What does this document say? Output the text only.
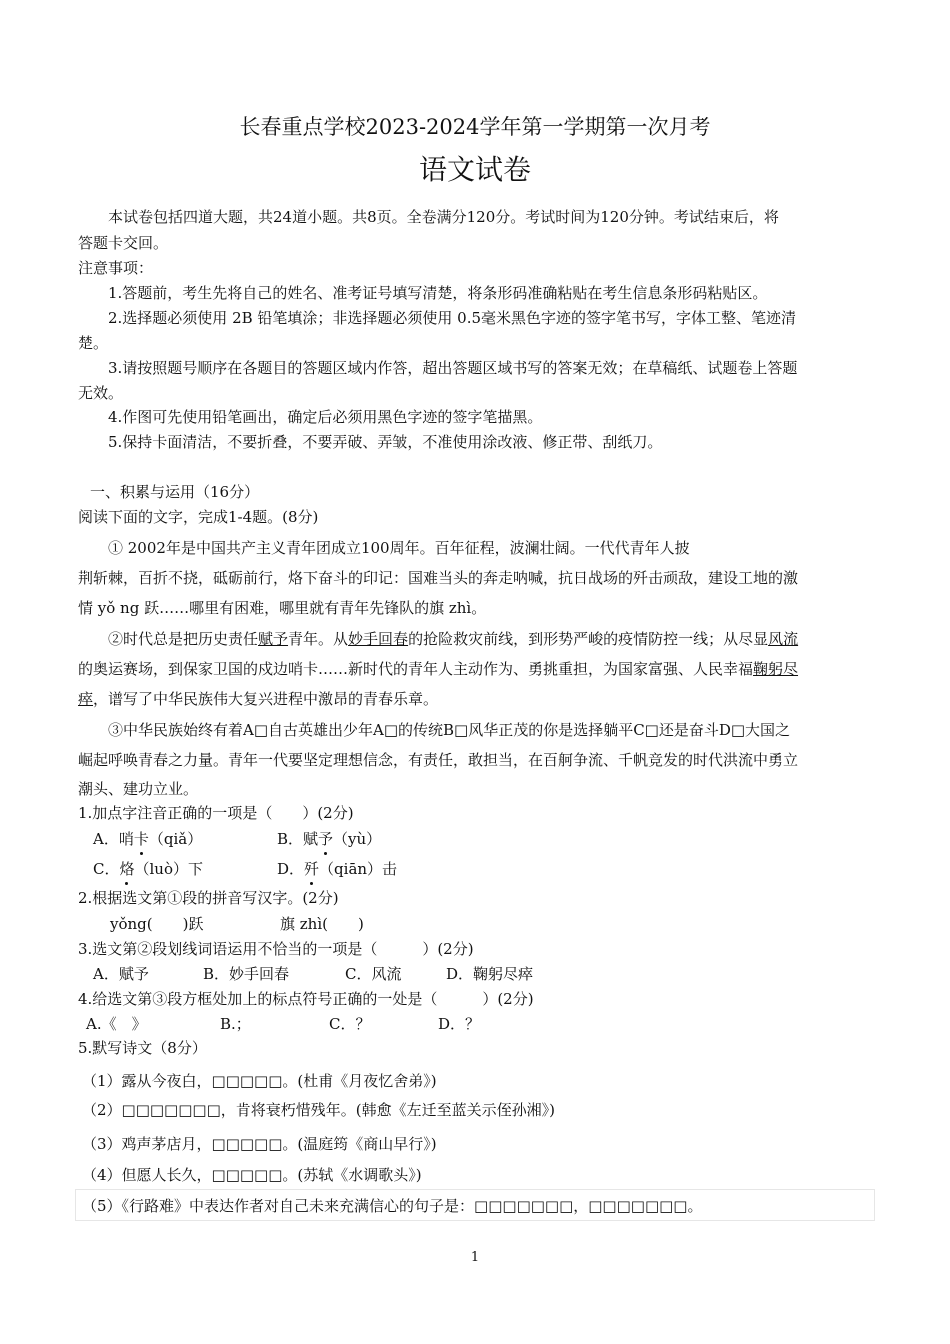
长春重点学校2023-2024学年第一学期第一次月考
语文试卷
本试卷包括四道大题，共24道小题。共8页。全卷满分120分。考试时间为120分钟。考试结束后，将
答题卡交回。
注意事项：
1.答题前，考生先将自己的姓名、准考证号填写清楚，将条形码准确粘贴在考生信息条形码粘贴区。
2.选择题必须使用 2B 铅笔填涂；非选择题必须使用 0.5毫米黑色字迹的签字笔书写，字体工整、笔迹清
楚。
3.请按照题号顺序在各题目的答题区域内作答，超出答题区域书写的答案无效；在草稿纸、试题卷上答题
无效。
4.作图可先使用铅笔画出，确定后必须用黑色字迹的签字笔描黑。
5.保持卡面清洁，不要折叠，不要弄破、弄皱，不准使用涂改液、修正带、刮纸刀。
一、积累与运用（16分）
阅读下面的文字，完成1-4题。(8分)
① 2002年是中国共产主义青年团成立100周年。百年征程，波澜壮阔。一代代青年人披
荆斩棘，百折不挠，砥砺前行，烙下奋斗的印记：国难当头的奔走呐喊，抗日战场的歼击顽敌，建设工地的激
情 yǒ ng 跃……哪里有困难，哪里就有青年先锋队的旗 zhì。
②时代总是把历史责任赋予青年。从妙手回春的抢险救灾前线，到形势严峻的疫情防控一线；从尽显风流
的奥运赛场，到保家卫国的戍边哨卡……新时代的青年人主动作为、勇挑重担，为国家富强、人民幸福鞠躬尽
瘁，谱写了中华民族伟大复兴进程中激昂的青春乐章。
③中华民族始终有着A□自古英雄出少年A□的传统B□风华正茂的你是选择躺平C□还是奋斗D□大国之
崛起呼唤青春之力量。青年一代要坚定理想信念，有责任，敢担当，在百舸争流、千帆竞发的时代洪流中勇立
潮头、建功立业。
1.加点字注音正确的一项是（　　）(2分)
A．哨卡（qiǎ）	B．赋予（yù）
C．烙（luò）下	D．歼（qiān）击
2.根据选文第①段的拼音写汉字。(2分)
yǒng(　　)跃	旗 zhì(　　)
3.选文第②段划线词语运用不恰当的一项是（　　　）(2分)
A．赋予	B．妙手回春	C．风流	D．鞠躬尽瘁
4.给选文第③段方框处加上的标点符号正确的一处是（　　　）(2分)
A.《　》	B.；	C．？	D．？
5.默写诗文（8分）
（1）露从今夜白，□□□□□。(杜甫《月夜忆舍弟》)
（2）□□□□□□□，肯将衰朽惜残年。(韩愈《左迁至蓝关示侄孙湘》)
（3）鸡声茅店月，□□□□□。(温庭筠《商山早行》)
（4）但愿人长久，□□□□□。(苏轼《水调歌头》)
（5）《行路难》中表达作者对自己未来充满信心的句子是：□□□□□□□，□□□□□□□。
1
